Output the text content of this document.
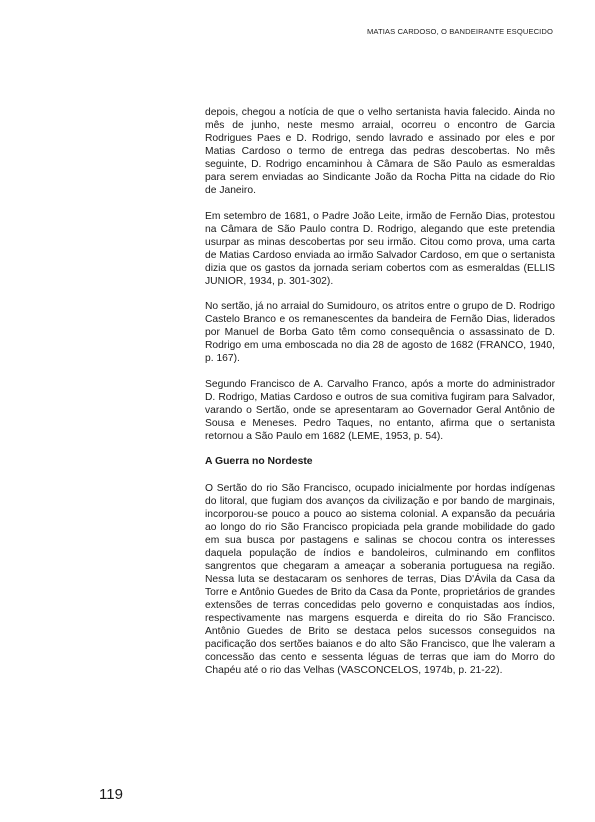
MATIAS CARDOSO, O BANDEIRANTE ESQUECIDO

depois, chegou a notícia de que o velho sertanista havia falecido. Ainda no mês de junho, neste mesmo arraial, ocorreu o encontro de Garcia Rodrigues Paes e D. Rodrigo, sendo lavrado e assinado por eles e por Matias Cardoso o termo de entrega das pedras descobertas. No mês seguinte, D. Rodrigo encaminhou à Câmara de São Paulo as esmeraldas para serem enviadas ao Sindicante João da Rocha Pitta na cidade do Rio de Janeiro.

Em setembro de 1681, o Padre João Leite, irmão de Fernão Dias, protestou na Câmara de São Paulo contra D. Rodrigo, alegando que este pretendia usurpar as minas descobertas por seu irmão. Citou como prova, uma carta de Matias Cardoso enviada ao irmão Salvador Cardoso, em que o sertanista dizia que os gastos da jornada seriam cobertos com as esmeraldas (ELLIS JUNIOR, 1934, p. 301-302).

No sertão, já no arraial do Sumidouro, os atritos entre o grupo de D. Rodrigo Castelo Branco e os remanescentes da bandeira de Fernão Dias, liderados por Manuel de Borba Gato têm como consequência o assassinato de D. Rodrigo em uma emboscada no dia 28 de agosto de 1682 (FRANCO, 1940, p. 167).

Segundo Francisco de A. Carvalho Franco, após a morte do administrador D. Rodrigo, Matias Cardoso e outros de sua comitiva fugiram para Salvador, varando o Sertão, onde se apresentaram ao Governador Geral Antônio de Sousa e Meneses. Pedro Taques, no entanto, afirma que o sertanista retornou a São Paulo em 1682 (LEME, 1953, p. 54).

A Guerra no Nordeste

O Sertão do rio São Francisco, ocupado inicialmente por hordas indígenas do litoral, que fugiam dos avanços da civilização e por bando de marginais, incorporou-se pouco a pouco ao sistema colonial. A expansão da pecuária ao longo do rio São Francisco propiciada pela grande mobilidade do gado em sua busca por pastagens e salinas se chocou contra os interesses daquela população de índios e bandoleiros, culminando em conflitos sangrentos que chegaram a ameaçar a soberania portuguesa na região. Nessa luta se destacaram os senhores de terras, Dias D'Ávila da Casa da Torre e Antônio Guedes de Brito da Casa da Ponte, proprietários de grandes extensões de terras concedidas pelo governo e conquistadas aos índios, respectivamente nas margens esquerda e direita do rio São Francisco. Antônio Guedes de Brito se destaca pelos sucessos conseguidos na pacificação dos sertões baianos e do alto São Francisco, que lhe valeram a concessão das cento e sessenta léguas de terras que iam do Morro do Chapéu até o rio das Velhas (VASCONCELOS, 1974b, p. 21-22).

119
